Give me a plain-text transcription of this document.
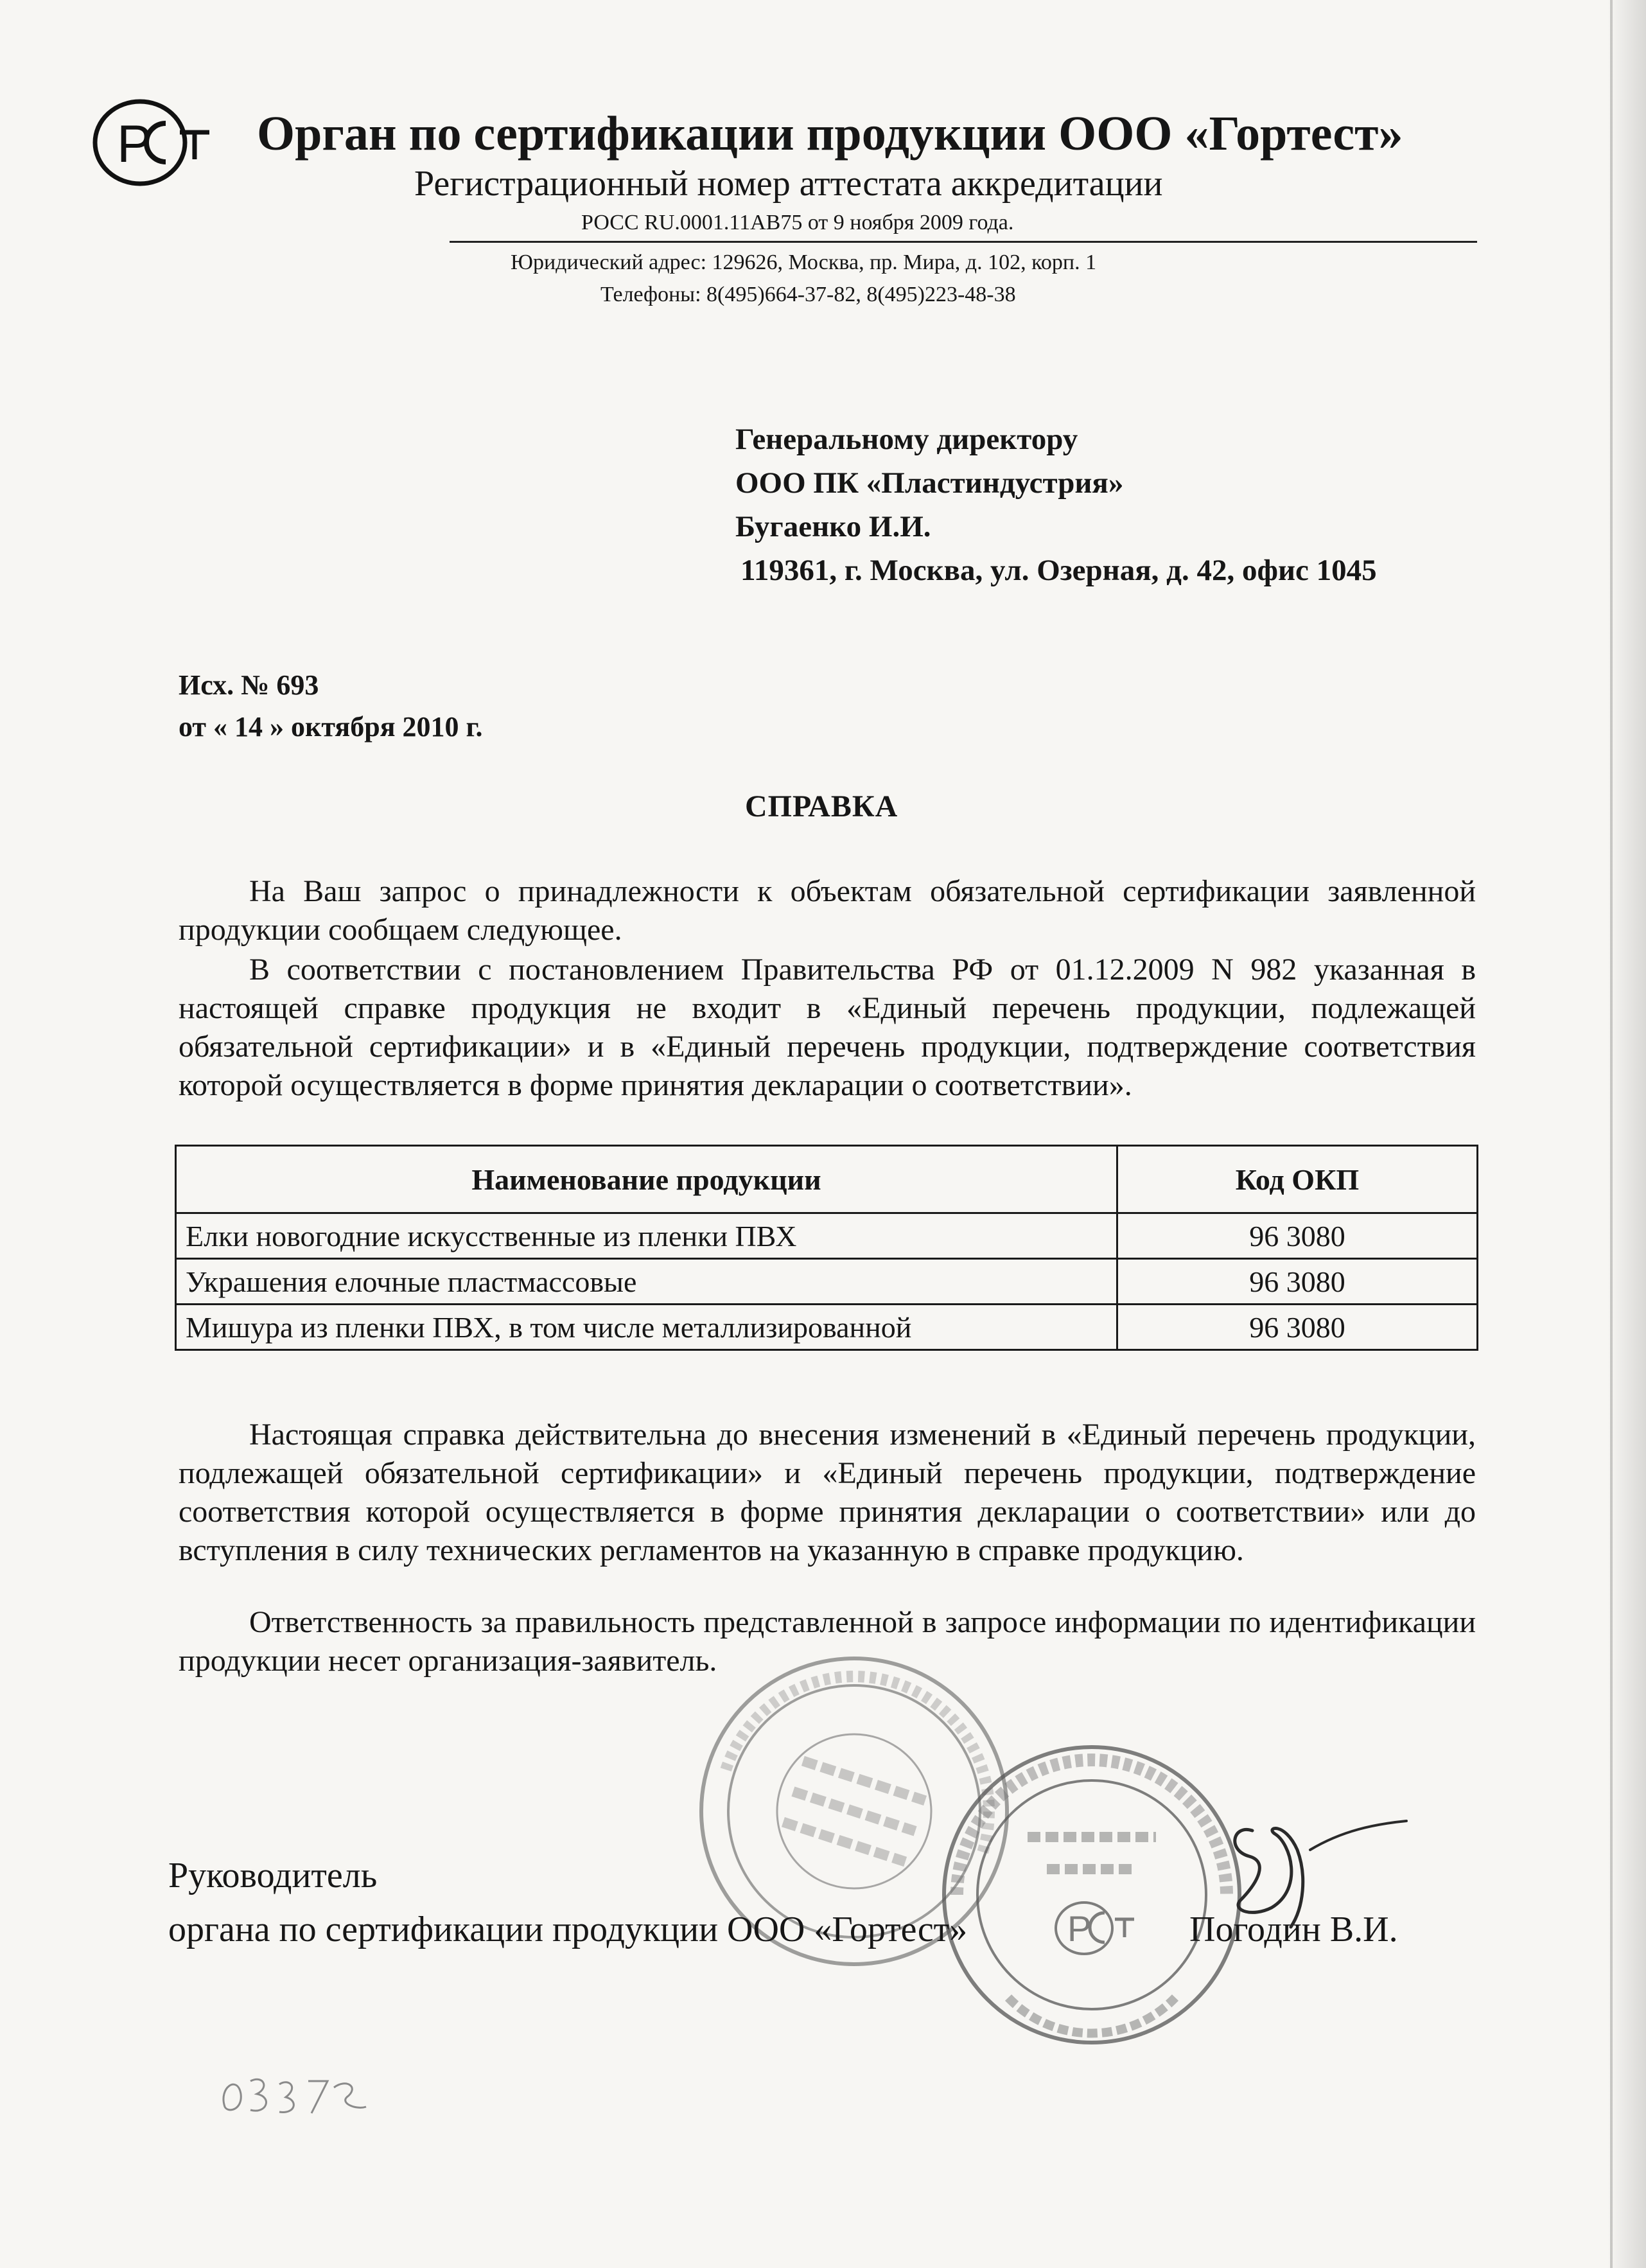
Р Орган по сертификации продукции ООО «Гортест»
Регистрационный номер аттестата аккредитации
РОСС RU.0001.11АВ75 от 9 ноября 2009 года.
Юридический адрес: 129626, Москва, пр. Мира, д. 102, корп. 1
Телефоны: 8(495)664-37-82, 8(495)223-48-38
Генеральному директору
ООО ПК «Пластиндустрия»
Бугаенко И.И.
119361, г. Москва, ул. Озерная, д. 42, офис 1045
Исх. № 693
от « 14 » октября 2010 г.
СПРАВКА

На Ваш запрос о принадлежности к объектам обязательной сертификации заявленной продукции сообщаем следующее.

В соответствии с постановлением Правительства РФ от 01.12.2009 N 982 указанная в настоящей справке продукция не входит в «Единый перечень продукции, подлежащей обязательной сертификации» и в «Единый перечень продукции, подтверждение соответствия которой осуществляется в форме принятия декларации о соответствии».

Наименование продукции	Код ОКП
Елки новогодние искусственные из пленки ПВХ	96 3080
Украшения елочные пластмассовые	96 3080
Мишура из пленки ПВХ, в том числе металлизированной	96 3080

Настоящая справка действительна до внесения изменений в «Единый перечень продукции, подлежащей обязательной сертификации» и «Единый перечень продукции, подтверждение соответствия которой осуществляется в форме принятия декларации о соответствии» или до вступления в силу технических регламентов на указанную в справке продукцию.

Ответственность за правильность представленной в запросе информации по идентификации продукции несет организация-заявитель.

Р
Руководитель
органа по сертификации продукции ООО «Гортест»	Погодин В.И.
